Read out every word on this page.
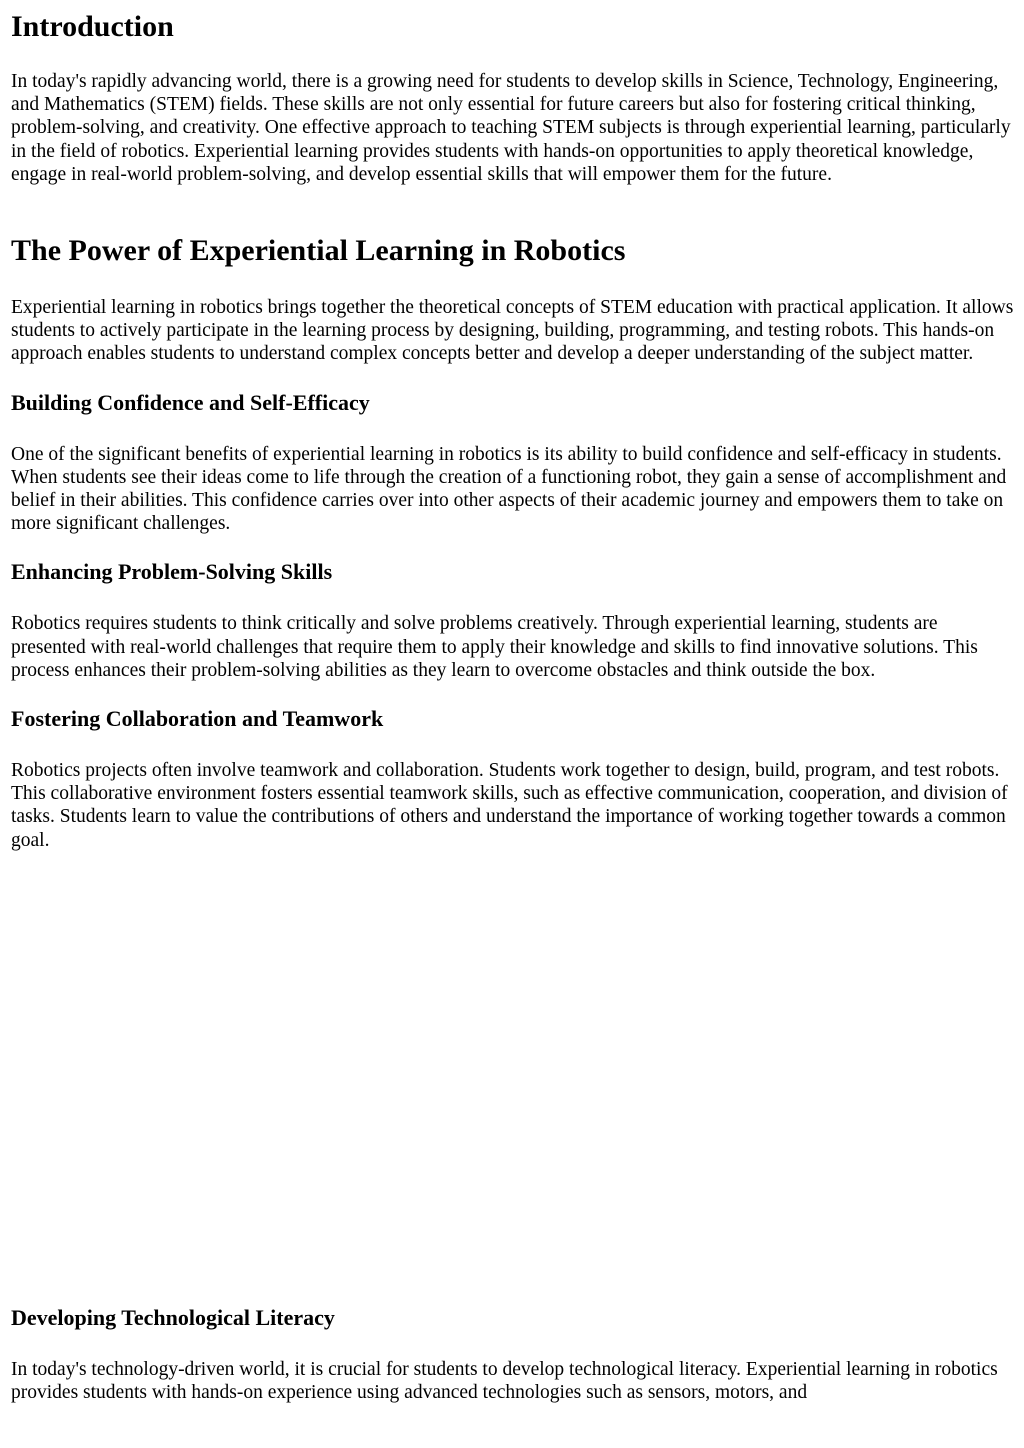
Introduction

In today's rapidly advancing world, there is a growing need for students to develop skills in Science, Technology, Engineering, and Mathematics (STEM) fields. These skills are not only essential for future careers but also for fostering critical thinking, problem-solving, and creativity. One effective approach to teaching STEM subjects is through experiential learning, particularly in the field of robotics. Experiential learning provides students with hands-on opportunities to apply theoretical knowledge, engage in real-world problem-solving, and develop essential skills that will empower them for the future.

The Power of Experiential Learning in Robotics

Experiential learning in robotics brings together the theoretical concepts of STEM education with practical application. It allows students to actively participate in the learning process by designing, building, programming, and testing robots. This hands-on approach enables students to understand complex concepts better and develop a deeper understanding of the subject matter.

Building Confidence and Self-Efficacy

One of the significant benefits of experiential learning in robotics is its ability to build confidence and self-efficacy in students. When students see their ideas come to life through the creation of a functioning robot, they gain a sense of accomplishment and belief in their abilities. This confidence carries over into other aspects of their academic journey and empowers them to take on more significant challenges.

Enhancing Problem-Solving Skills

Robotics requires students to think critically and solve problems creatively. Through experiential learning, students are presented with real-world challenges that require them to apply their knowledge and skills to find innovative solutions. This process enhances their problem-solving abilities as they learn to overcome obstacles and think outside the box.

Fostering Collaboration and Teamwork

Robotics projects often involve teamwork and collaboration. Students work together to design, build, program, and test robots. This collaborative environment fosters essential teamwork skills, such as effective communication, cooperation, and division of tasks. Students learn to value the contributions of others and understand the importance of working together towards a common goal.

Developing Technological Literacy

In today's technology-driven world, it is crucial for students to develop technological literacy. Experiential learning in robotics provides students with hands-on experience using advanced technologies such as sensors, motors, and
